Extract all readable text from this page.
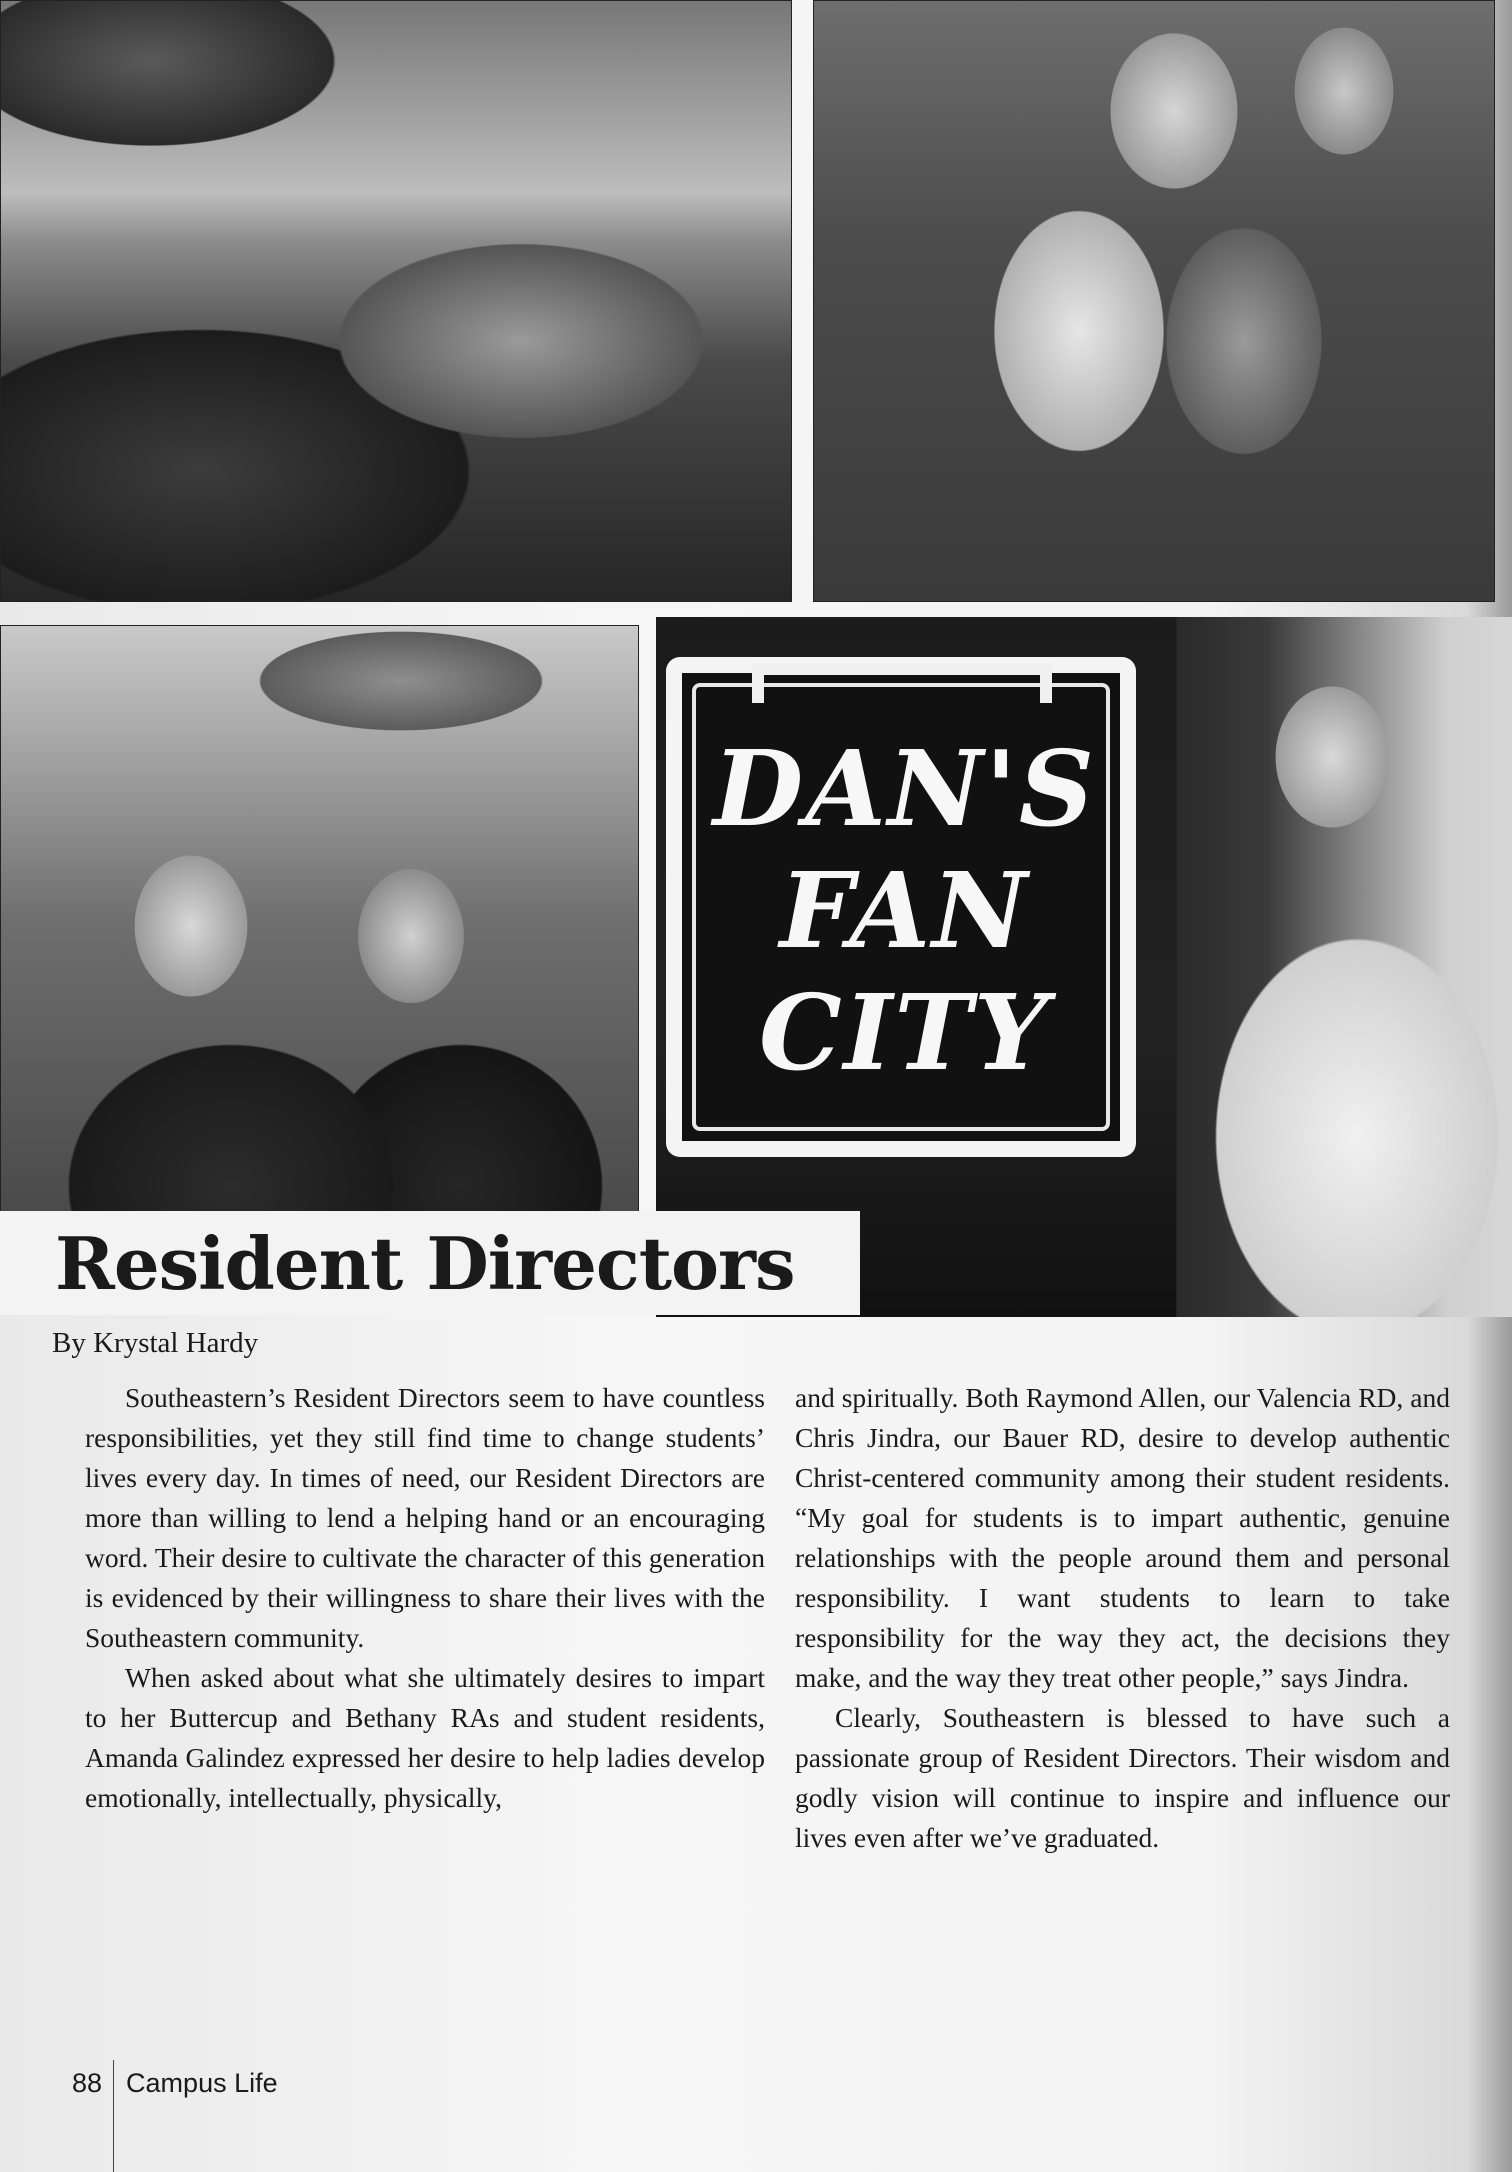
DAN'S
FAN
CITY
Resident Directors

By Krystal Hardy

Southeastern’s Resident Directors seem to have countless responsibilities, yet they still find time to change students’ lives every day. In times of need, our Resident Directors are more than willing to lend a helping hand or an encouraging word. Their desire to cultivate the character of this generation is evidenced by their willingness to share their lives with the Southeastern community.

When asked about what she ultimately desires to impart to her Buttercup and Bethany RAs and student residents, Amanda Galindez expressed her desire to help ladies develop emotionally, intellectually, physically,

and spiritually. Both Raymond Allen, our Valencia RD, and Chris Jindra, our Bauer RD, desire to develop authentic Christ-centered community among their student residents. “My goal for students is to impart authentic, genuine relationships with the people around them and personal responsibility. I want students to learn to take responsibility for the way they act, the decisions they make, and the way they treat other people,” says Jindra.

Clearly, Southeastern is blessed to have such a passionate group of Resident Directors. Their wisdom and godly vision will continue to inspire and influence our lives even after we’ve graduated.

88 Campus Life
